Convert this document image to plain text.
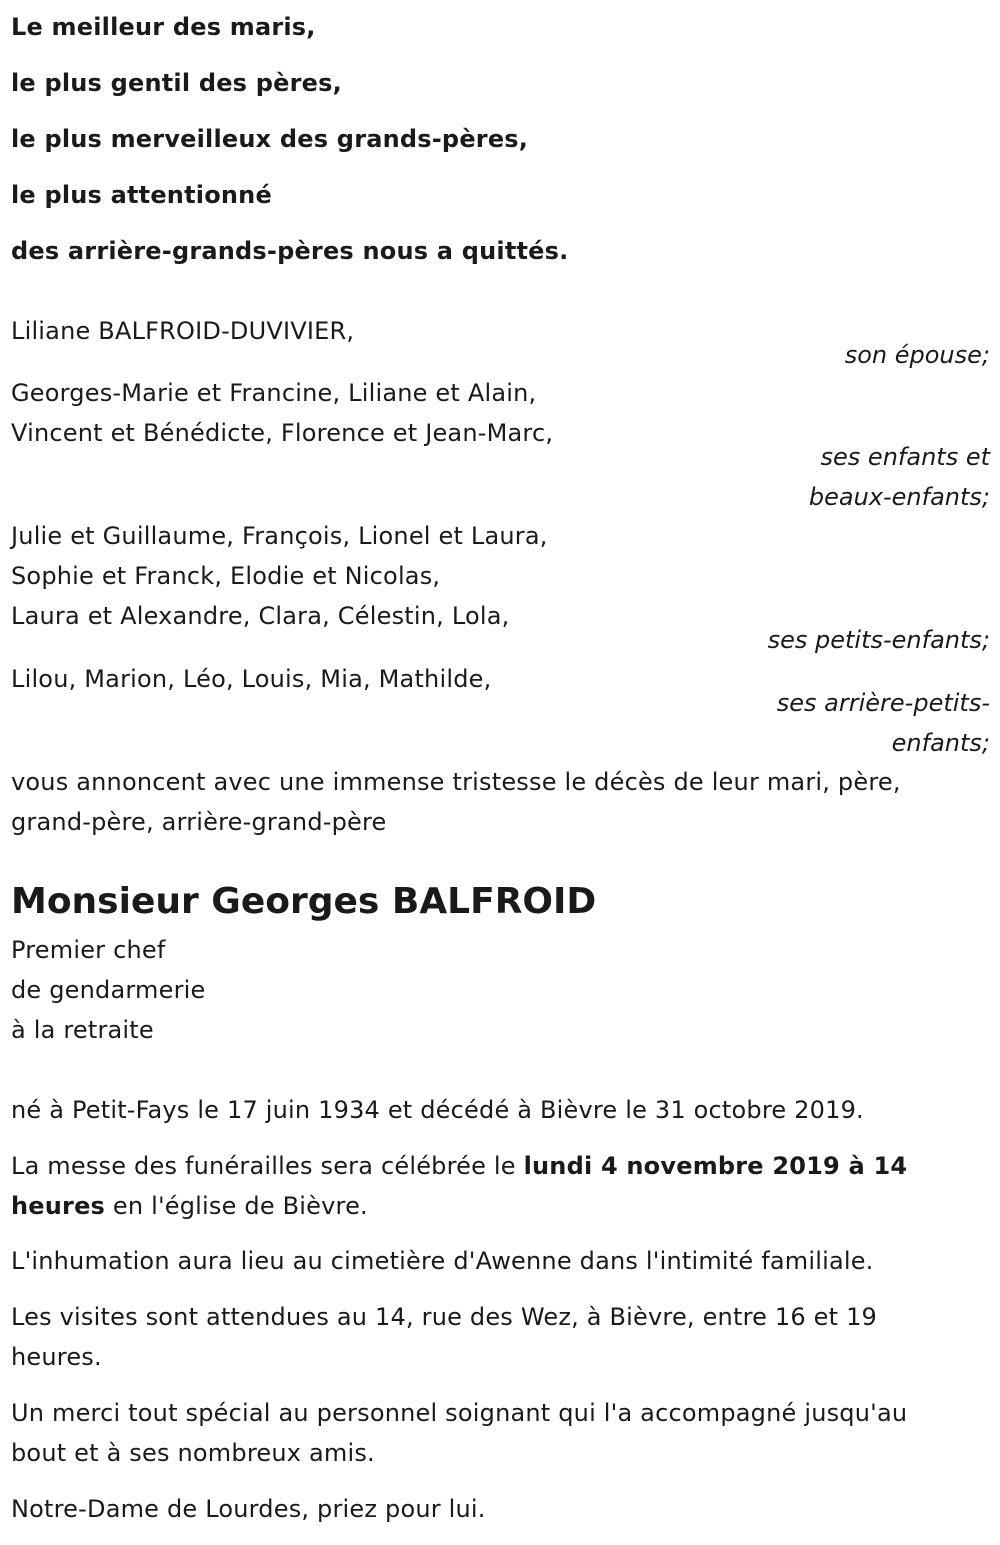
Le meilleur des maris,
le plus gentil des pères,
le plus merveilleux des grands-pères,
le plus attentionné
des arrière-grands-pères nous a quittés.
Liliane BALFROID-DUVIVIER,
son épouse;
Georges-Marie et Francine, Liliane et Alain,
Vincent et Bénédicte, Florence et Jean-Marc,
ses enfants et
beaux-enfants;
Julie et Guillaume, François, Lionel et Laura,
Sophie et Franck, Elodie et Nicolas,
Laura et Alexandre, Clara, Célestin, Lola,
ses petits-enfants;
Lilou, Marion, Léo, Louis, Mia, Mathilde,
ses arrière-petits-
enfants;
vous annoncent avec une immense tristesse le décès de leur mari, père,
grand-père, arrière-grand-père
Monsieur Georges BALFROID
Premier chef
de gendarmerie
à la retraite
né à Petit-Fays le 17 juin 1934 et décédé à Bièvre le 31 octobre 2019.
La messe des funérailles sera célébrée le lundi 4 novembre 2019 à 14
heures en l'église de Bièvre.
L'inhumation aura lieu au cimetière d'Awenne dans l'intimité familiale.
Les visites sont attendues au 14, rue des Wez, à Bièvre, entre 16 et 19
heures.
Un merci tout spécial au personnel soignant qui l'a accompagné jusqu'au
bout et à ses nombreux amis.
Notre-Dame de Lourdes, priez pour lui.
